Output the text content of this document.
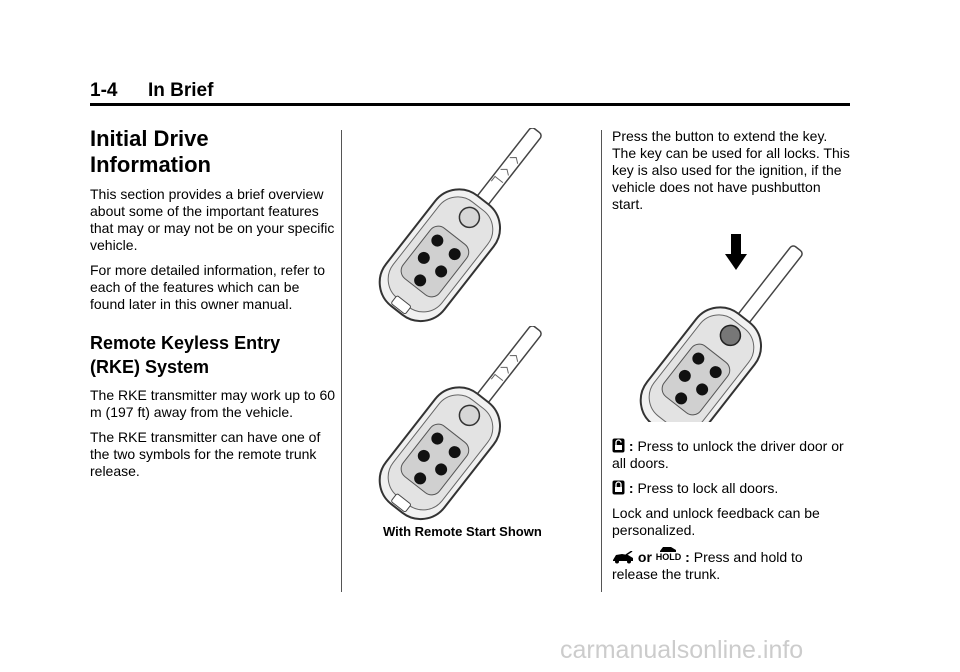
1-4 In Brief
Initial Drive
Information

This section provides a brief overview about some of the important features that may or may not be on your specific vehicle.

For more detailed information, refer to each of the features which can be found later in this owner manual.

Remote Keyless Entry
(RKE) System

The RKE transmitter may work up to 60 m (197 ft) away from the vehicle.

The RKE transmitter can have one of the two symbols for the remote trunk release.

With Remote Start Shown

Press the button to extend the key. The key can be used for all locks. This key is also used for the ignition, if the vehicle does not have pushbutton start.

: Press to unlock the driver door or all doors.

: Press to lock all doors.

Lock and unlock feedback can be personalized.

or HOLD : Press and hold to release the trunk.

carmanualsonline.info
